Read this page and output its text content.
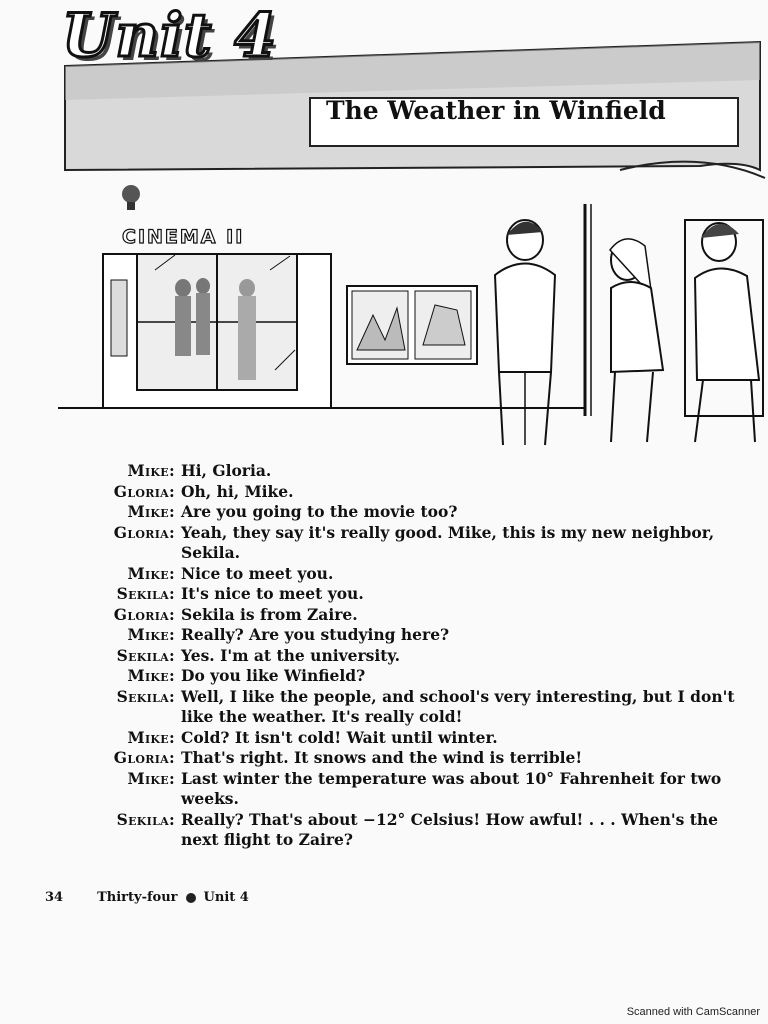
Unit 4
The Weather in Winfield
CINEMA II
Mike: Hi, Gloria.
Gloria: Oh, hi, Mike.
Mike: Are you going to the movie too?
Gloria: Yeah, they say it's really good. Mike, this is my new neighbor, Sekila.
Mike: Nice to meet you.
Sekila: It's nice to meet you.
Gloria: Sekila is from Zaire.
Mike: Really? Are you studying here?
Sekila: Yes. I'm at the university.
Mike: Do you like Winfield?
Sekila: Well, I like the people, and school's very interesting, but I don't like the weather. It's really cold!
Mike: Cold? It isn't cold! Wait until winter.
Gloria: That's right. It snows and the wind is terrible!
Mike: Last winter the temperature was about 10° Fahrenheit for two weeks.
Sekila: Really? That's about −12° Celsius! How awful! . . . When's the next flight to Zaire?
34	Thirty-four Unit 4
Scanned with CamScanner
